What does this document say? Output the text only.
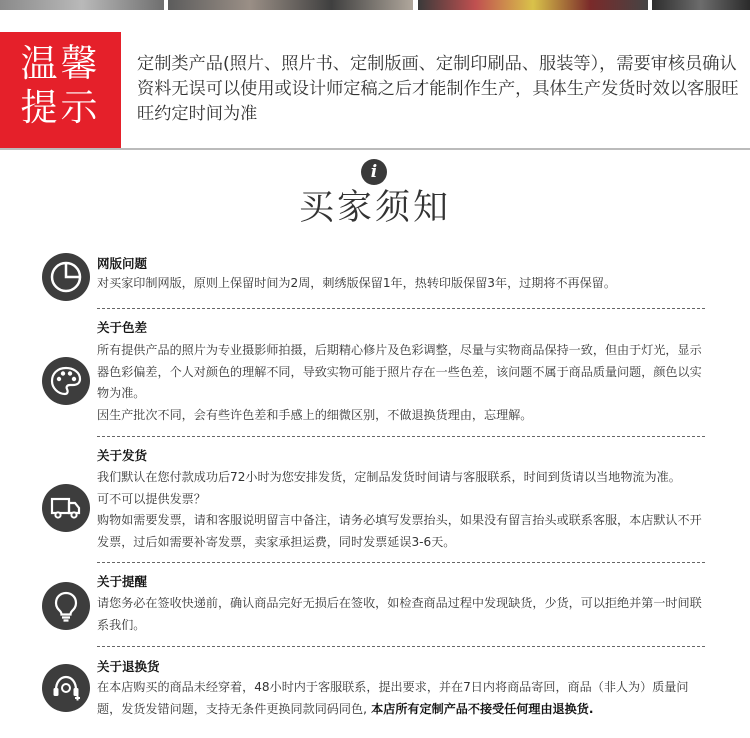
温馨
提示
定制类产品(照片、照片书、定制版画、定制印刷品、服装等），需要审核员确认资料无误可以使用或设计师定稿之后才能制作生产，具体生产发货时效以客服旺旺约定时间为准
i
买家须知
网版问题

对买家印制网版，原则上保留时间为2周，刺绣版保留1年，热转印版保留3年，过期将不再保留。

关于色差

所有提供产品的照片为专业摄影师拍摄，后期精心修片及色彩调整，尽量与实物商品保持一致，但由于灯光，显示器色彩偏差，个人对颜色的理解不同，导致实物可能于照片存在一些色差，该问题不属于商品质量问题，颜色以实物为准。

因生产批次不同，会有些许色差和手感上的细微区别，不做退换货理由，忘理解。

关于发货

我们默认在您付款成功后72小时为您安排发货，定制品发货时间请与客服联系，时间到货请以当地物流为准。

可不可以提供发票？

购物如需要发票，请和客服说明留言中备注，请务必填写发票抬头，如果没有留言抬头或联系客服，本店默认不开发票，过后如需要补寄发票，卖家承担运费，同时发票延误3-6天。

关于提醒

请您务必在签收快递前，确认商品完好无损后在签收，如检查商品过程中发现缺货，少货，可以拒绝并第一时间联系我们。

关于退换货

在本店购买的商品未经穿着，48小时内于客服联系，提出要求，并在7日内将商品寄回，商品（非人为）质量问题，发货发错问题，支持无条件更换同款同码同色, 本店所有定制产品不接受任何理由退换货.
